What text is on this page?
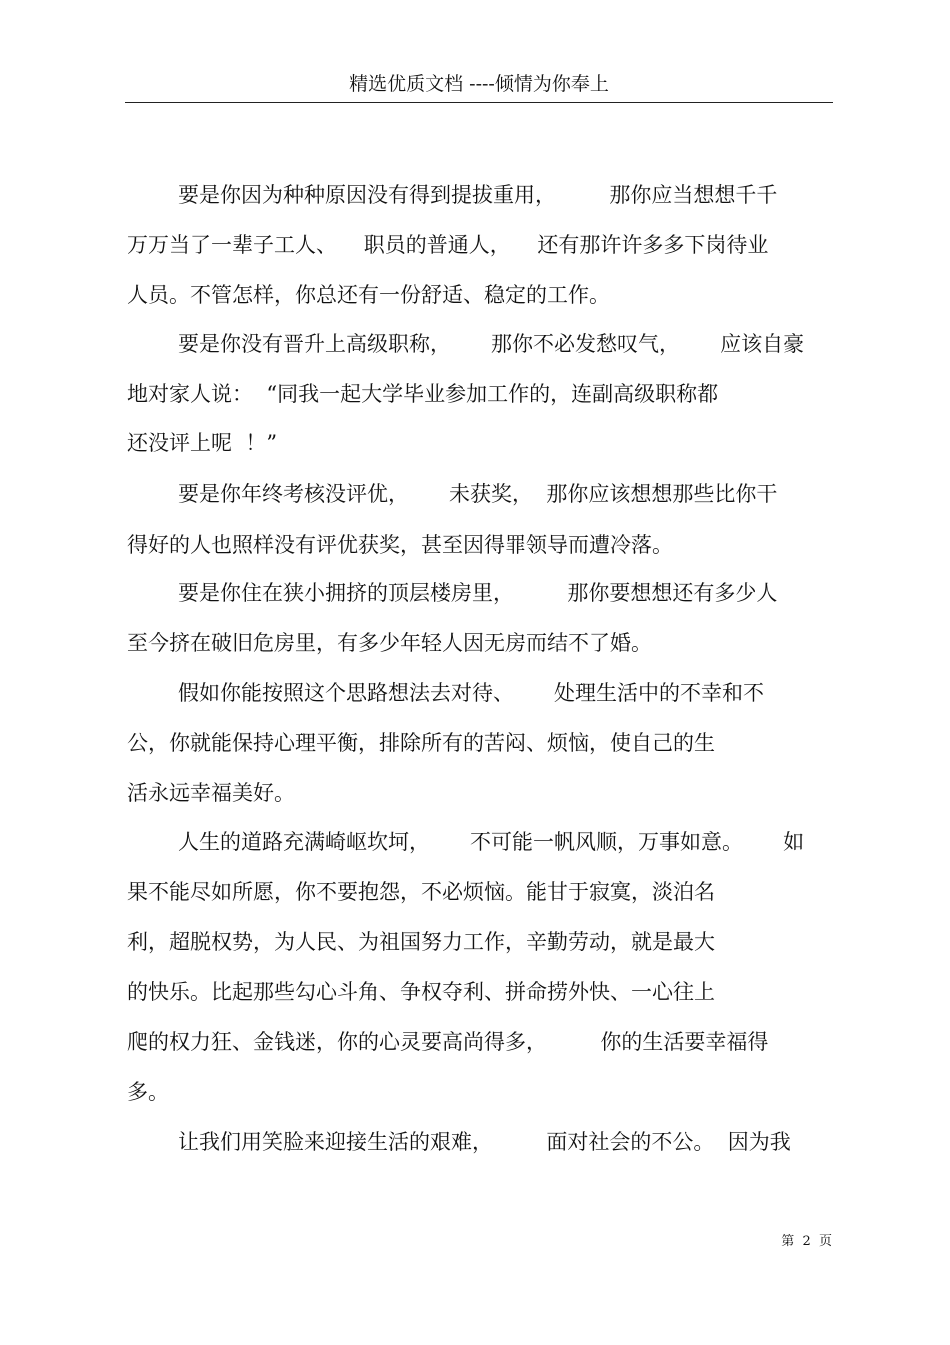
精选优质文档 ----倾情为你奉上
要是你因为种种原因没有得到提拔重用，        那你应当想想千千
万万当了一辈子工人、    职员的普通人，    还有那许许多多下岗待业
人员。不管怎样，你总还有一份舒适、稳定的工作。
要是你没有晋升上高级职称，      那你不必发愁叹气，      应该自豪
地对家人说：  “同我一起大学毕业参加工作的，连副高级职称都
还没评上呢  ！”
要是你年终考核没评优，      未获奖，  那你应该想想那些比你干
得好的人也照样没有评优获奖，甚至因得罪领导而遭冷落。
要是你住在狭小拥挤的顶层楼房里，        那你要想想还有多少人
至今挤在破旧危房里，有多少年轻人因无房而结不了婚。
假如你能按照这个思路想法去对待、      处理生活中的不幸和不
公，你就能保持心理平衡，排除所有的苦闷、烦恼，使自己的生
活永远幸福美好。
人生的道路充满崎岖坎坷，      不可能一帆风顺，万事如意。      如
果不能尽如所愿，你不要抱怨，不必烦恼。能甘于寂寞，淡泊名
利，超脱权势，为人民、为祖国努力工作，辛勤劳动，就是最大
的快乐。比起那些勾心斗角、争权夺利、拼命捞外快、一心往上
爬的权力狂、金钱迷，你的心灵要高尚得多，        你的生活要幸福得
多。
让我们用笑脸来迎接生活的艰难，        面对社会的不公。  因为我
第  2  页
